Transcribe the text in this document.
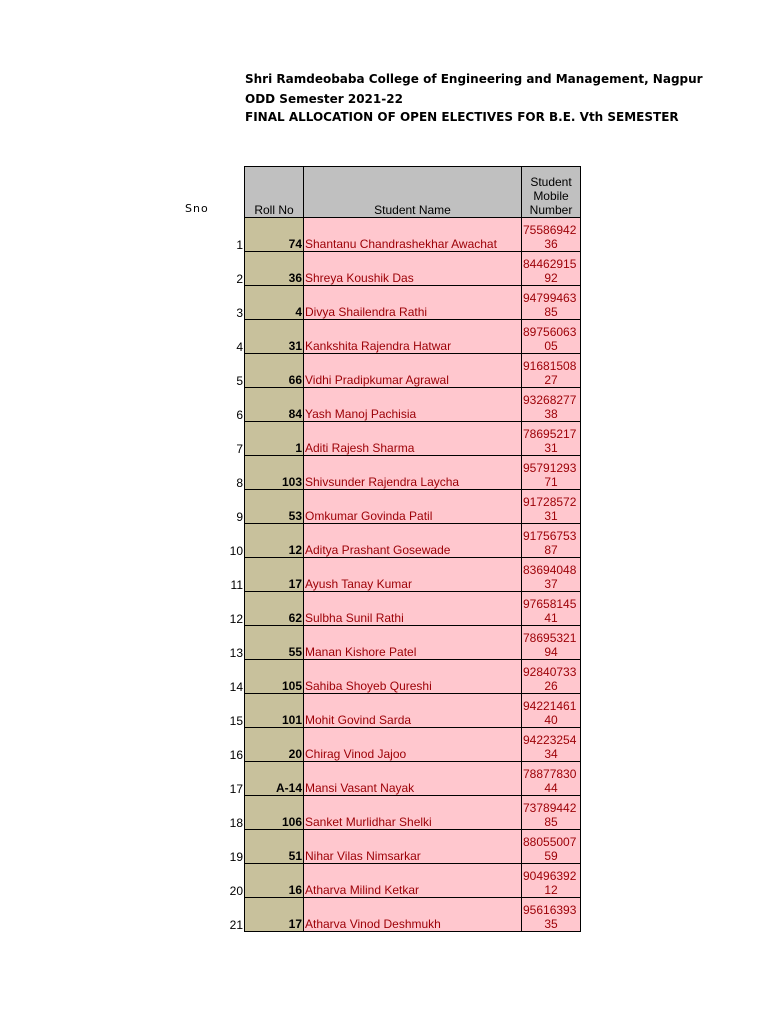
Shri Ramdeobaba College of Engineering and Management, Nagpur
ODD Semester 2021-22
FINAL ALLOCATION OF OPEN ELECTIVES FOR B.E. Vth SEMESTER
Sno
		Roll No	Student Name	Student
Mobile
Number

1	74	Shantanu Chandrashekhar Awachat	75586942
36

2	36	Shreya Koushik Das	84462915
92

3	4	Divya Shailendra Rathi	94799463
85

4	31	Kankshita Rajendra Hatwar	89756063
05

5	66	Vidhi Pradipkumar Agrawal	91681508
27

6	84	Yash Manoj Pachisia	93268277
38

7	1	Aditi Rajesh Sharma	78695217
31

8	103	Shivsunder Rajendra Laycha	95791293
71

9	53	Omkumar Govinda Patil	91728572
31

10	12	Aditya Prashant Gosewade	91756753
87

11	17	Ayush Tanay Kumar	83694048
37

12	62	Sulbha Sunil Rathi	97658145
41

13	55	Manan Kishore Patel	78695321
94

14	105	Sahiba Shoyeb Qureshi	92840733
26

15	101	Mohit Govind Sarda	94221461
40

16	20	Chirag Vinod Jajoo	94223254
34

17	A-14	Mansi Vasant Nayak	78877830
44

18	106	Sanket Murlidhar Shelki	73789442
85

19	51	Nihar Vilas Nimsarkar	88055007
59

20	16	Atharva Milind Ketkar	90496392
12

21	17	Atharva Vinod Deshmukh	95616393
35
